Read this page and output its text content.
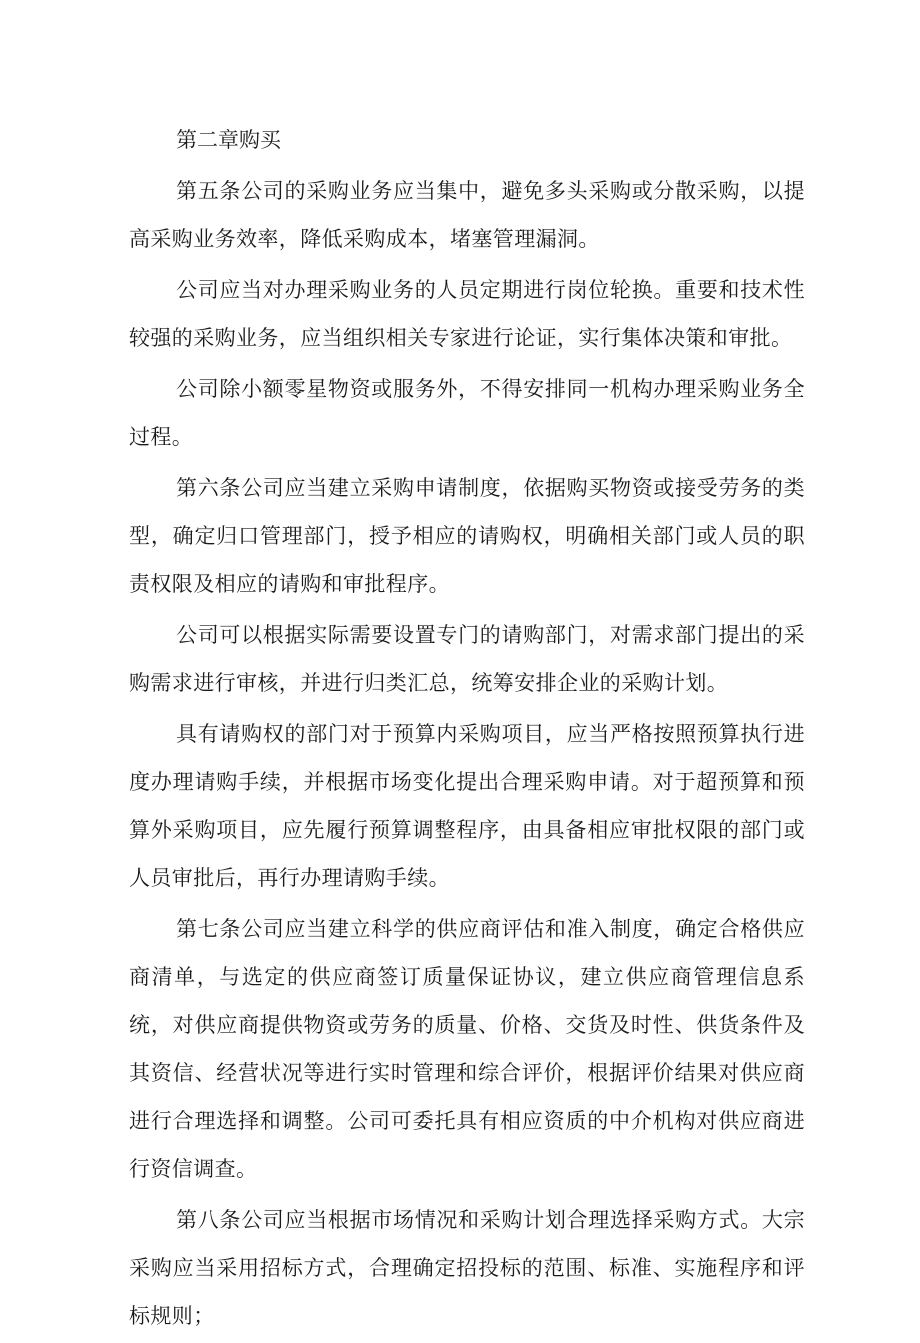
第二章购买

第五条公司的采购业务应当集中，避免多头采购或分散采购，以提高采购业务效率，降低采购成本，堵塞管理漏洞。

公司应当对办理采购业务的人员定期进行岗位轮换。重要和技术性较强的采购业务，应当组织相关专家进行论证，实行集体决策和审批。

公司除小额零星物资或服务外，不得安排同一机构办理采购业务全过程。

第六条公司应当建立采购申请制度，依据购买物资或接受劳务的类型，确定归口管理部门，授予相应的请购权，明确相关部门或人员的职责权限及相应的请购和审批程序。

公司可以根据实际需要设置专门的请购部门，对需求部门提出的采购需求进行审核，并进行归类汇总，统筹安排企业的采购计划。

具有请购权的部门对于预算内采购项目，应当严格按照预算执行进度办理请购手续，并根据市场变化提出合理采购申请。对于超预算和预算外采购项目，应先履行预算调整程序，由具备相应审批权限的部门或人员审批后，再行办理请购手续。

第七条公司应当建立科学的供应商评估和准入制度，确定合格供应商清单，与选定的供应商签订质量保证协议，建立供应商管理信息系统，对供应商提供物资或劳务的质量、价格、交货及时性、供货条件及其资信、经营状况等进行实时管理和综合评价，根据评价结果对供应商进行合理选择和调整。公司可委托具有相应资质的中介机构对供应商进行资信调查。

第八条公司应当根据市场情况和采购计划合理选择采购方式。大宗采购应当采用招标方式，合理确定招投标的范围、标准、实施程序和评标规则；
